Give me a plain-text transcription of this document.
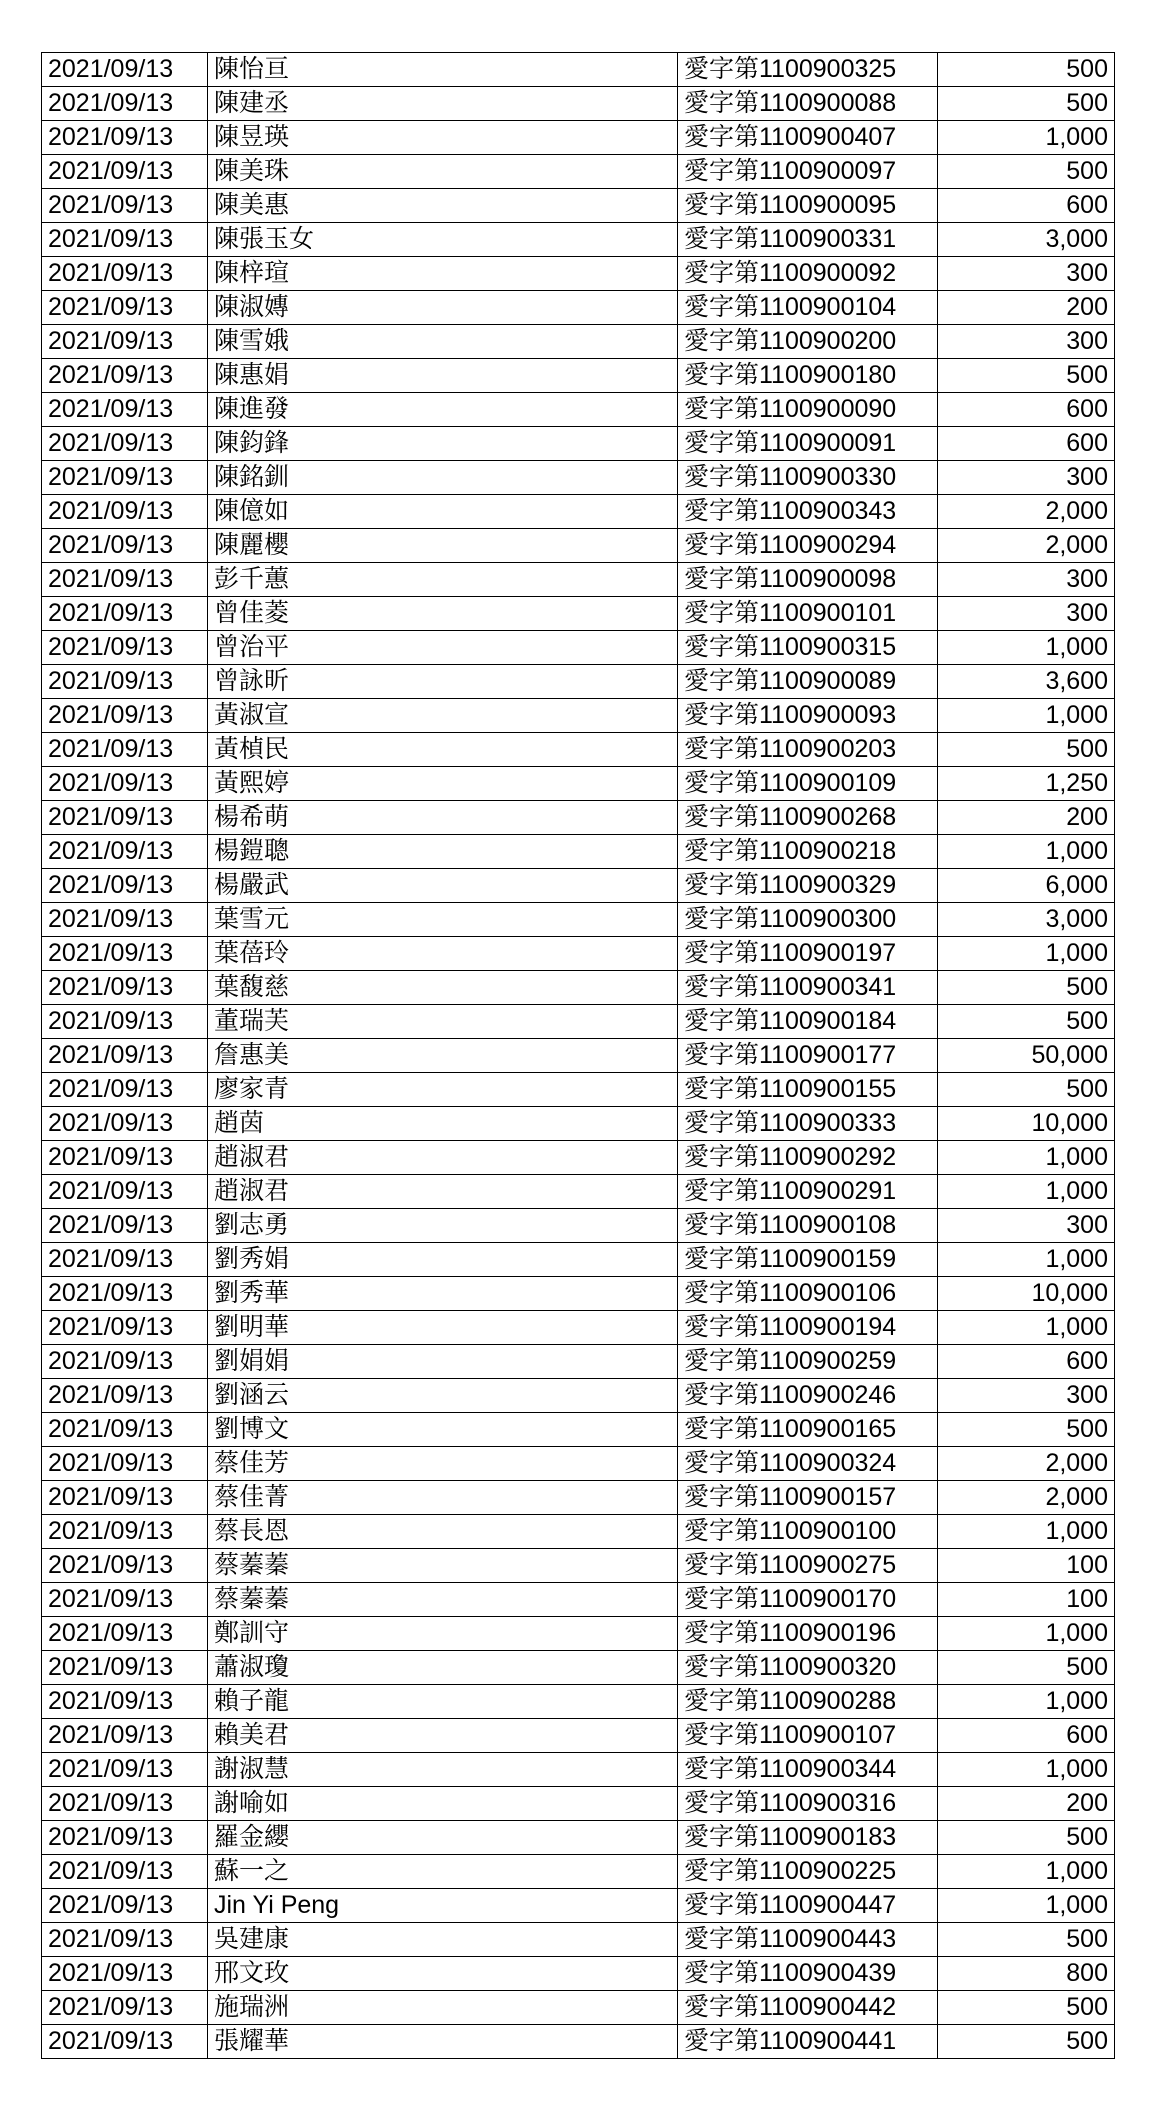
2021/09/13	陳怡亘	愛字第1100900325	500
2021/09/13	陳建丞	愛字第1100900088	500
2021/09/13	陳昱瑛	愛字第1100900407	1,000
2021/09/13	陳美珠	愛字第1100900097	500
2021/09/13	陳美惠	愛字第1100900095	600
2021/09/13	陳張玉女	愛字第1100900331	3,000
2021/09/13	陳梓瑄	愛字第1100900092	300
2021/09/13	陳淑嫥	愛字第1100900104	200
2021/09/13	陳雪娥	愛字第1100900200	300
2021/09/13	陳惠娟	愛字第1100900180	500
2021/09/13	陳進發	愛字第1100900090	600
2021/09/13	陳鈞鋒	愛字第1100900091	600
2021/09/13	陳銘釧	愛字第1100900330	300
2021/09/13	陳億如	愛字第1100900343	2,000
2021/09/13	陳麗櫻	愛字第1100900294	2,000
2021/09/13	彭千蕙	愛字第1100900098	300
2021/09/13	曾佳菱	愛字第1100900101	300
2021/09/13	曾治平	愛字第1100900315	1,000
2021/09/13	曾詠昕	愛字第1100900089	3,600
2021/09/13	黃淑宣	愛字第1100900093	1,000
2021/09/13	黃楨民	愛字第1100900203	500
2021/09/13	黃熙婷	愛字第1100900109	1,250
2021/09/13	楊希萌	愛字第1100900268	200
2021/09/13	楊鎧聰	愛字第1100900218	1,000
2021/09/13	楊嚴武	愛字第1100900329	6,000
2021/09/13	葉雪元	愛字第1100900300	3,000
2021/09/13	葉蓓玲	愛字第1100900197	1,000
2021/09/13	葉馥慈	愛字第1100900341	500
2021/09/13	董瑞芙	愛字第1100900184	500
2021/09/13	詹惠美	愛字第1100900177	50,000
2021/09/13	廖家青	愛字第1100900155	500
2021/09/13	趙茵	愛字第1100900333	10,000
2021/09/13	趙淑君	愛字第1100900292	1,000
2021/09/13	趙淑君	愛字第1100900291	1,000
2021/09/13	劉志勇	愛字第1100900108	300
2021/09/13	劉秀娟	愛字第1100900159	1,000
2021/09/13	劉秀華	愛字第1100900106	10,000
2021/09/13	劉明華	愛字第1100900194	1,000
2021/09/13	劉娟娟	愛字第1100900259	600
2021/09/13	劉涵云	愛字第1100900246	300
2021/09/13	劉博文	愛字第1100900165	500
2021/09/13	蔡佳芳	愛字第1100900324	2,000
2021/09/13	蔡佳菁	愛字第1100900157	2,000
2021/09/13	蔡長恩	愛字第1100900100	1,000
2021/09/13	蔡蓁蓁	愛字第1100900275	100
2021/09/13	蔡蓁蓁	愛字第1100900170	100
2021/09/13	鄭訓守	愛字第1100900196	1,000
2021/09/13	蕭淑瓊	愛字第1100900320	500
2021/09/13	賴子龍	愛字第1100900288	1,000
2021/09/13	賴美君	愛字第1100900107	600
2021/09/13	謝淑慧	愛字第1100900344	1,000
2021/09/13	謝喻如	愛字第1100900316	200
2021/09/13	羅金纓	愛字第1100900183	500
2021/09/13	蘇一之	愛字第1100900225	1,000
2021/09/13	Jin Yi Peng	愛字第1100900447	1,000
2021/09/13	吳建康	愛字第1100900443	500
2021/09/13	邢文玫	愛字第1100900439	800
2021/09/13	施瑞洲	愛字第1100900442	500
2021/09/13	張耀華	愛字第1100900441	500
